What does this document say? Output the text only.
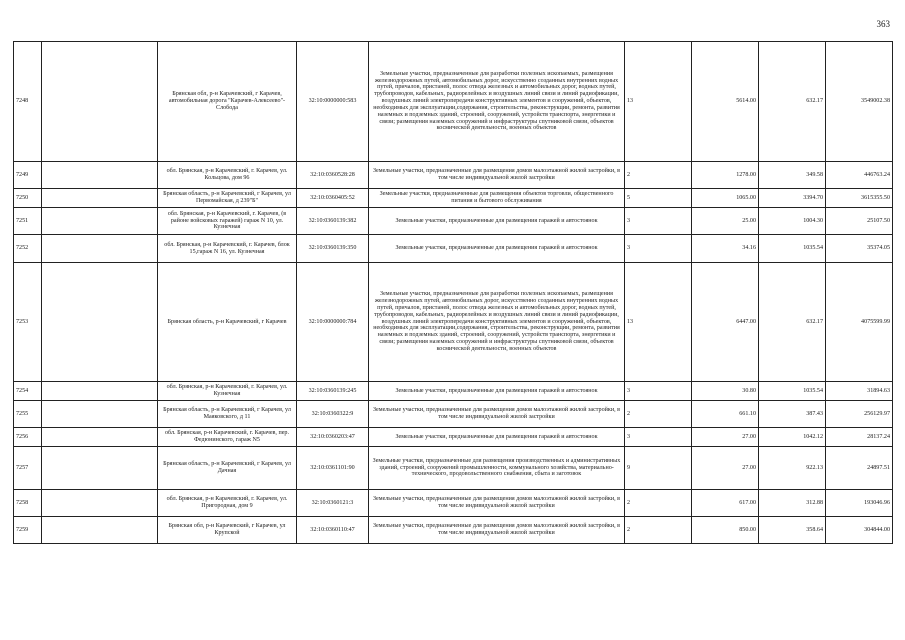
363
7248		Брянская обл, р-н Карачевский, г Карачев, автомобильная дорога "Карачев-Алексеево"-Слобода	32:10:0000000:583	Земельные участки, предназначенные для разработки полезных ископаемых, размещения железнодорожных путей, автомобильных дорог, искусственно созданных внутренних водных путей, причалов, пристаней, полос отвода железных и автомобильных дорог, водных путей, трубопроводов, кабельных, радиорелейных и воздушных линий связи и линий радиофикации, воздушных линий электропередачи конструктивных элементов и сооружений, объектов, необходимых для эксплуатации,содержания, строительства, реконструкции, ремонта, развития наземных и подземных зданий, строений, сооружений, устройств транспорта, энергетики и связи; размещения наземных сооружений и инфраструктуры спутниковой связи, объектов космической деятельности, военных объектов	13	5614.00	632.17	3549002.38
7249		обл. Брянская, р-н Карачевский, г. Карачев, ул. Кольцова, дом 96	32:10:0360528:28	Земельные участки, предназначенные для размещения домов малоэтажной жилой застройки, в том числе индивидуальной жилой застройки	2	1278.00	349.58	446763.24
7250		Брянская область, р-н Карачевский, г Карачев, ул Первомайская, д 239"Б"	32:10:0360405:52	Земельные участки, предназначенные для размещения объектов торговли, общественного питания и бытового обслуживания	5	1065.00	3394.70	3615355.50
7251		обл. Брянская, р-н Карачевский, г. Карачев, (в районе войсковых гаражей) гараж N 10, ул. Кузнечная	32:10:0360139:382	Земельные участки, предназначенные для размещения гаражей и автостоянок	3	25.00	1004.30	25107.50
7252		обл. Брянская, р-н Карачевский, г. Карачев, блок 15,гараж N 16, ул. Кузнечная	32:10:0360139:350	Земельные участки, предназначенные для размещения гаражей и автостоянок	3	34.16	1035.54	35374.05
7253		Брянская область, р-н Карачевский, г Карачев	32:10:0000000:784	Земельные участки, предназначенные для разработки полезных ископаемых, размещения железнодорожных путей, автомобильных дорог, искусственно созданных внутренних водных путей, причалов, пристаней, полос отвода железных и автомобильных дорог, водных путей, трубопроводов, кабельных, радиорелейных и воздушных линий связи и линий радиофикации, воздушных линий электропередачи конструктивных элементов и сооружений, объектов, необходимых для эксплуатации,содержания, строительства, реконструкции, ремонта, развития наземных и подземных зданий, строений, сооружений, устройств транспорта, энергетики и связи; размещения наземных сооружений и инфраструктуры спутниковой связи, объектов космической деятельности, военных объектов	13	6447.00	632.17	4075599.99
7254		обл. Брянская, р-н Карачевский, г. Карачев, ул. Кузнечная	32:10:0360139:245	Земельные участки, предназначенные для размещения гаражей и автостоянок	3	30.80	1035.54	31894.63
7255		Брянская область, р-н Карачевский, г Карачев, ул Маяковского, д 11	32:10:0360322:9	Земельные участки, предназначенные для размещения домов малоэтажной жилой застройки, в том числе индивидуальной жилой застройки	2	661.10	387.43	256129.97
7256		обл. Брянская, р-н Карачевский, г. Карачев, пер. Федюнинского, гараж N5	32:10:0360203:47	Земельные участки, предназначенные для размещения гаражей и автостоянок	3	27.00	1042.12	28137.24
7257		Брянская область, р-н Карачевский, г Карачев, ул Дачная	32:10:0361101:90	Земельные участки, предназначенные для размещения производственных и административных зданий, строений, сооружений промышленности, коммунального хозяйства, материально-технического, продовольственного снабжения, сбыта и заготовок	9	27.00	922.13	24897.51
7258		обл. Брянская, р-н Карачевский, г. Карачев, ул. Пригородная, дом 9	32:10:0360121:3	Земельные участки, предназначенные для размещения домов малоэтажной жилой застройки, в том числе индивидуальной жилой застройки	2	617.00	312.88	193046.96
7259		Брянская обл, р-н Карачевский, г Карачев, ул Крупской	32:10:0360110:47	Земельные участки, предназначенные для размещения домов малоэтажной жилой застройки, в том числе индивидуальной жилой застройки	2	850.00	358.64	304844.00
